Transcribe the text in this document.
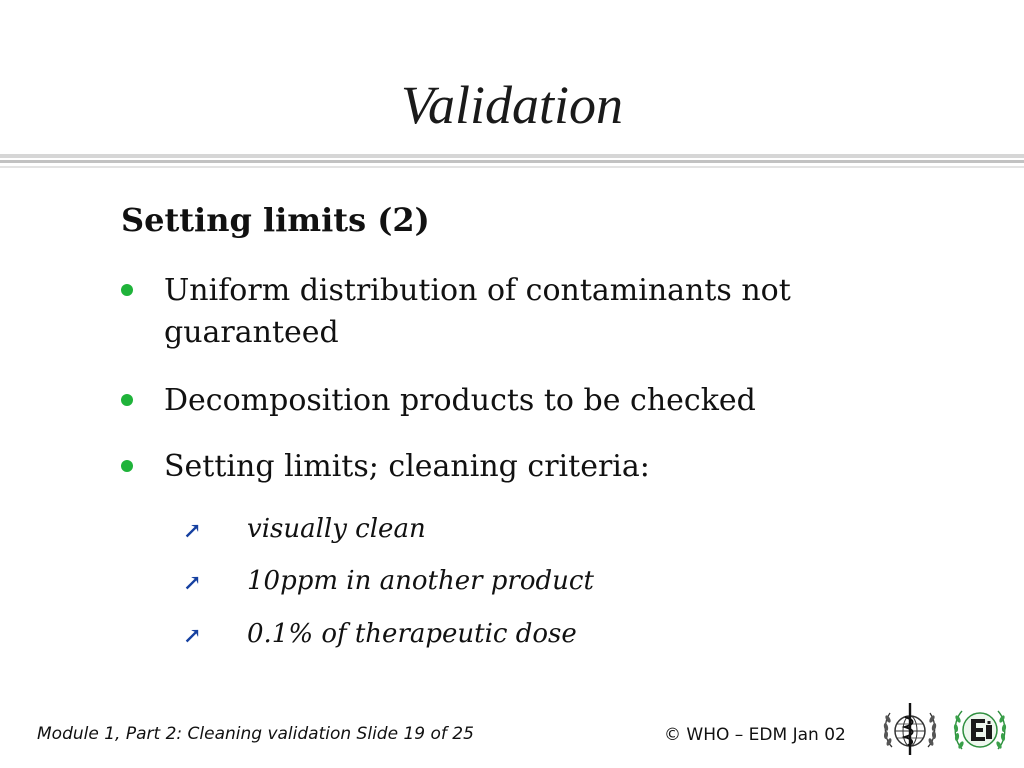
Validation
Setting limits (2)
Uniform distribution of contaminants not guaranteed
Decomposition products to be checked
Setting limits; cleaning criteria:
↗ visually clean
↗ 10ppm in another product
↗ 0.1% of therapeutic dose
Module 1, Part 2: Cleaning validation Slide 19 of 25	© WHO – EDM Jan 02
